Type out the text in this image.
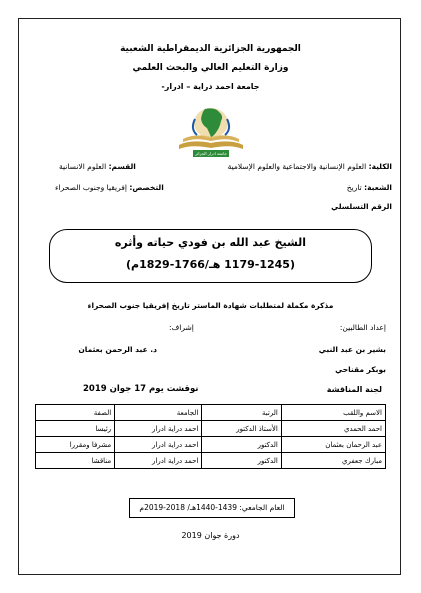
الجمهورية الجزائرية الديمقراطية الشعبية
وزارة التعليم العالي والبحث العلمي
جامعة احمد دراية – ادرار-
جامعة ادرار الجزائر
الكلية: العلوم الإنسانية والاجتماعية والعلوم الإسلامية
القسم: العلوم الانسانية
الشعبة: تاريخ
التخصص: إفريقيا وجنوب الصحراء
الرقم التسلسلي
الشيخ عبد الله بن فودي حياته وأثره
(1179-1245 هـ/1766-1829م)
مذكرة مكملة لمتطلبات شهادة الماستر تاريخ إفريقيا جنوب الصحراء
إعداد الطالبين:
إشراف:
بشير بن عبد النبي
د. عبد الرحمن بعثمان
بوبكر مقناحي
لجنة المناقشة
نوقشت يوم 17 جوان 2019
الاسم واللقب	الرتبة	الجامعة	الصفة
احمد الحمدي	الأستاذ الدكتور	احمد دراية ادرار	رئيسا
عبد الرحمان بعثمان	الدكتور	احمد دراية ادرار	مشرفا ومقررا
مبارك جعفري	الدكتور	احمد دراية ادرار	مناقشا
العام الجامعي: 1439-1440هـ/ 2018-2019م
دورة جوان 2019
